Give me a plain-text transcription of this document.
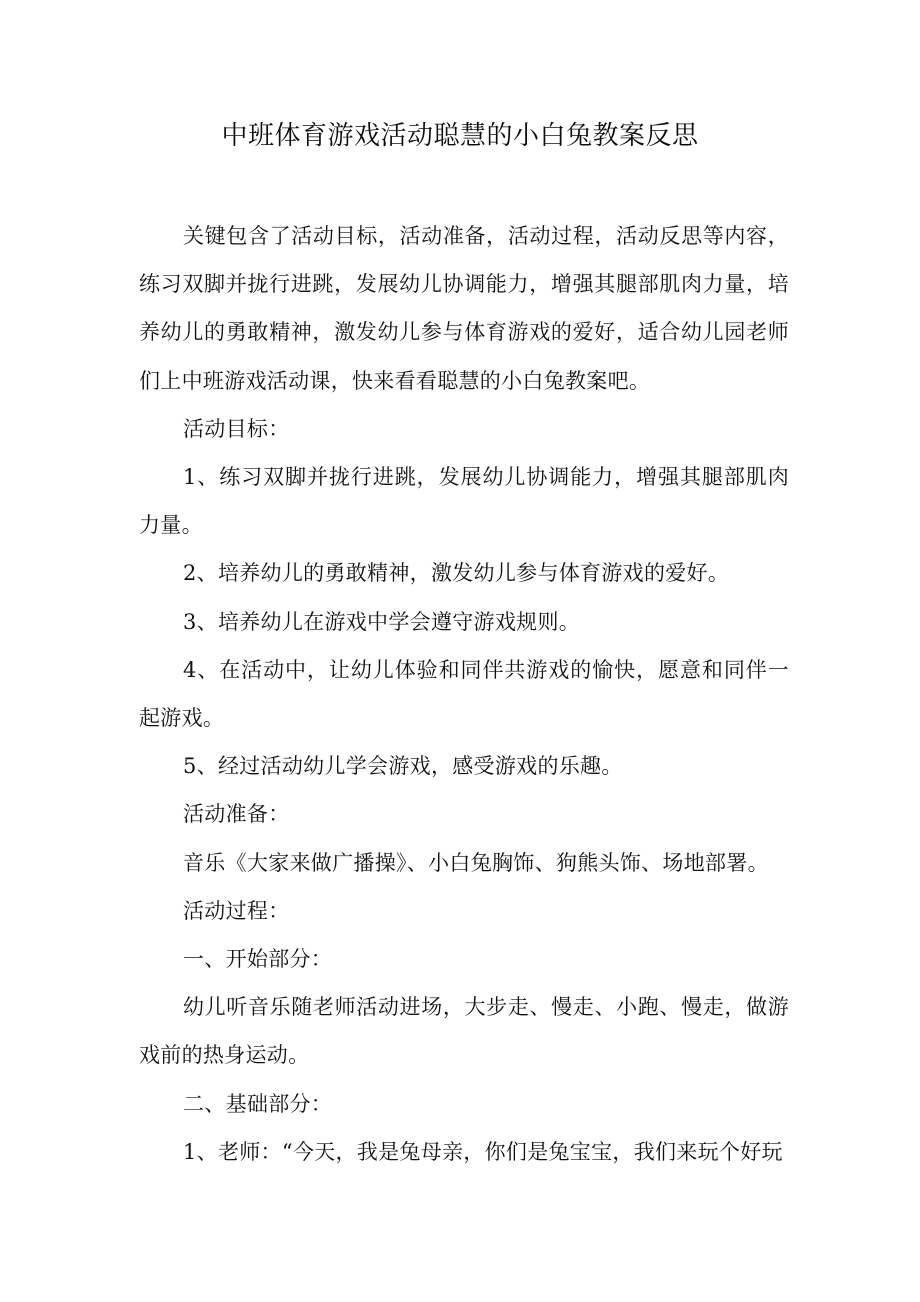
中班体育游戏活动聪慧的小白兔教案反思

关键包含了活动目标，活动准备，活动过程，活动反思等内容，练习双脚并拢行进跳，发展幼儿协调能力，增强其腿部肌肉力量，培养幼儿的勇敢精神，激发幼儿参与体育游戏的爱好，适合幼儿园老师们上中班游戏活动课，快来看看聪慧的小白兔教案吧。

活动目标：

1、练习双脚并拢行进跳，发展幼儿协调能力，增强其腿部肌肉力量。

2、培养幼儿的勇敢精神，激发幼儿参与体育游戏的爱好。

3、培养幼儿在游戏中学会遵守游戏规则。

4、在活动中，让幼儿体验和同伴共游戏的愉快，愿意和同伴一起游戏。

5、经过活动幼儿学会游戏，感受游戏的乐趣。

活动准备：

音乐《大家来做广播操》、小白兔胸饰、狗熊头饰、场地部署。

活动过程：

一、开始部分：

幼儿听音乐随老师活动进场，大步走、慢走、小跑、慢走，做游戏前的热身运动。

二、基础部分：

1、老师：“今天，我是兔母亲，你们是兔宝宝，我们来玩个好玩
